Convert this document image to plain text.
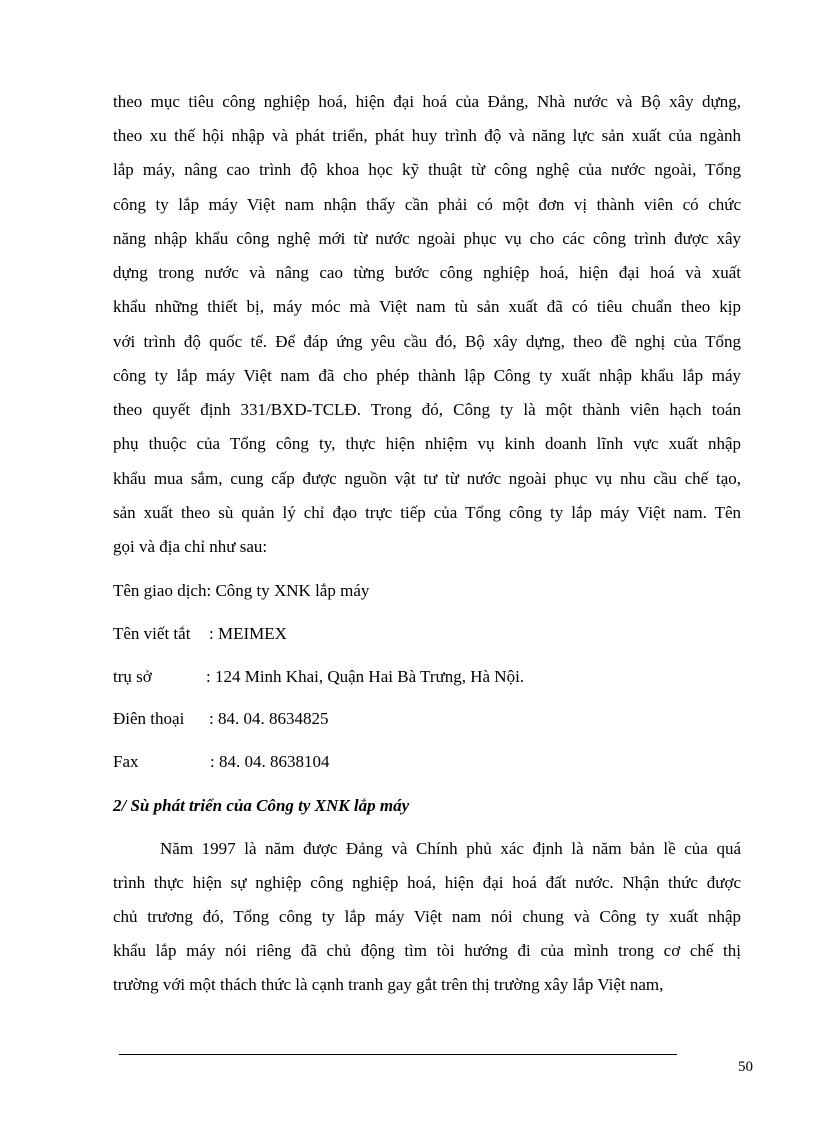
theo mục tiêu công nghiệp hoá, hiện đại hoá của Đảng, Nhà nước và Bộ xây dựng,
theo xu thế hội nhập và phát triển, phát huy trình độ và năng lực sản xuất của ngành
lắp máy, nâng cao trình độ khoa học kỹ thuật từ công nghệ của nước ngoài, Tổng
công ty lắp máy Việt nam nhận thấy cần phải có một đơn vị thành viên có chức
năng nhập khẩu công nghệ mới từ nước ngoài phục vụ cho các công trình được xây
dựng trong nước và nâng cao từng bước công nghiệp hoá, hiện đại hoá và xuất
khẩu những thiết bị, máy móc mà Việt nam tù sản xuất đã có tiêu chuẩn theo kịp
với trình độ quốc tế. Để đáp ứng yêu cầu đó, Bộ xây dựng, theo đề nghị của Tổng
công ty lắp máy Việt nam đã cho phép thành lập Công ty xuất nhập khẩu lắp máy
theo quyết định 331/BXD-TCLĐ. Trong đó, Công ty là một thành viên hạch toán
phụ thuộc của Tổng công ty, thực hiện nhiệm vụ kinh doanh lĩnh vực xuất nhập
khẩu mua sắm, cung cấp được nguồn vật tư từ nước ngoài phục vụ nhu cầu chế tạo,
sản xuất theo sù quản lý chỉ đạo trực tiếp của Tổng công ty lắp máy Việt nam. Tên
gọi và địa chỉ như sau:
Tên giao dịch: Công ty XNK lắp máy
Tên viết tắt : MEIMEX
trụ sở	: 124 Minh Khai, Quận Hai Bà Trưng, Hà Nội.
Điên thoại : 84. 04. 8634825
Fax	: 84. 04. 8638104
2/ Sù phát triển của Công ty XNK lắp máy
Năm 1997 là năm được Đảng và Chính phủ xác định là năm bản lề của quá
trình thực hiện sự nghiệp công nghiệp hoá, hiện đại hoá đất nước. Nhận thức được
chủ trương đó, Tổng công ty lắp máy Việt nam nói chung và Công ty xuất nhập
khẩu lắp máy nói riêng đã chủ động tìm tòi hướng đi của mình trong cơ chế thị
trường với một thách thức là cạnh tranh gay gắt trên thị trường xây lắp Việt nam,
50
